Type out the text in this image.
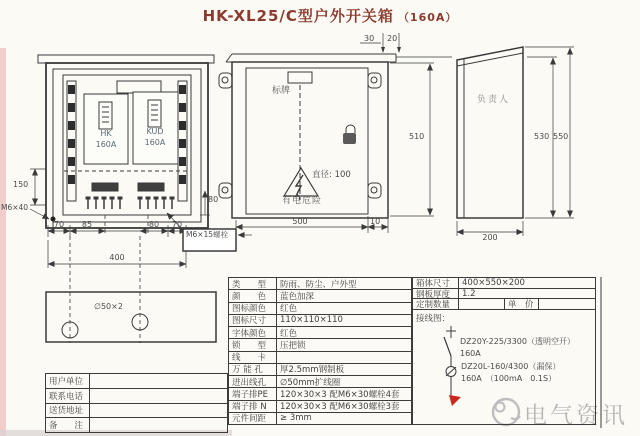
HK-XL25/C型户外开关箱 （160A）
HK
160A
KUD
160A
70	85	80	70
400
150
M6×40
80
M6×15螺栓
∅50×2
标牌
直径: 100
有电危险
30 20
510
500	10
负责人
530 550
200
DZ20Y-225/3300（透明空开）
160A
DZ20L-160/4300（漏保）
160A　（100mA　0.1S）
电气资讯
用户单位
联系电话
送货地址
备　　注
类　　型	防雨、防尘、户外型
颜　　色	蓝色加深
图标颜色	红色
图标尺寸	110×110×110
字体颜色	红色
锁　　型	压把锁
线　　卡
万 能 孔	厚2.5mm钢制板
进出线孔	∅50mm扩线圈
端子排PE	120×30×3 配M6×30螺栓4套
端子排 N	120×30×3 配M6×30螺栓3套
元件间距	≥ 3mm
箱体尺寸	400×550×200
钢板厚度	1.2
定制数量	单　价
接线图：
